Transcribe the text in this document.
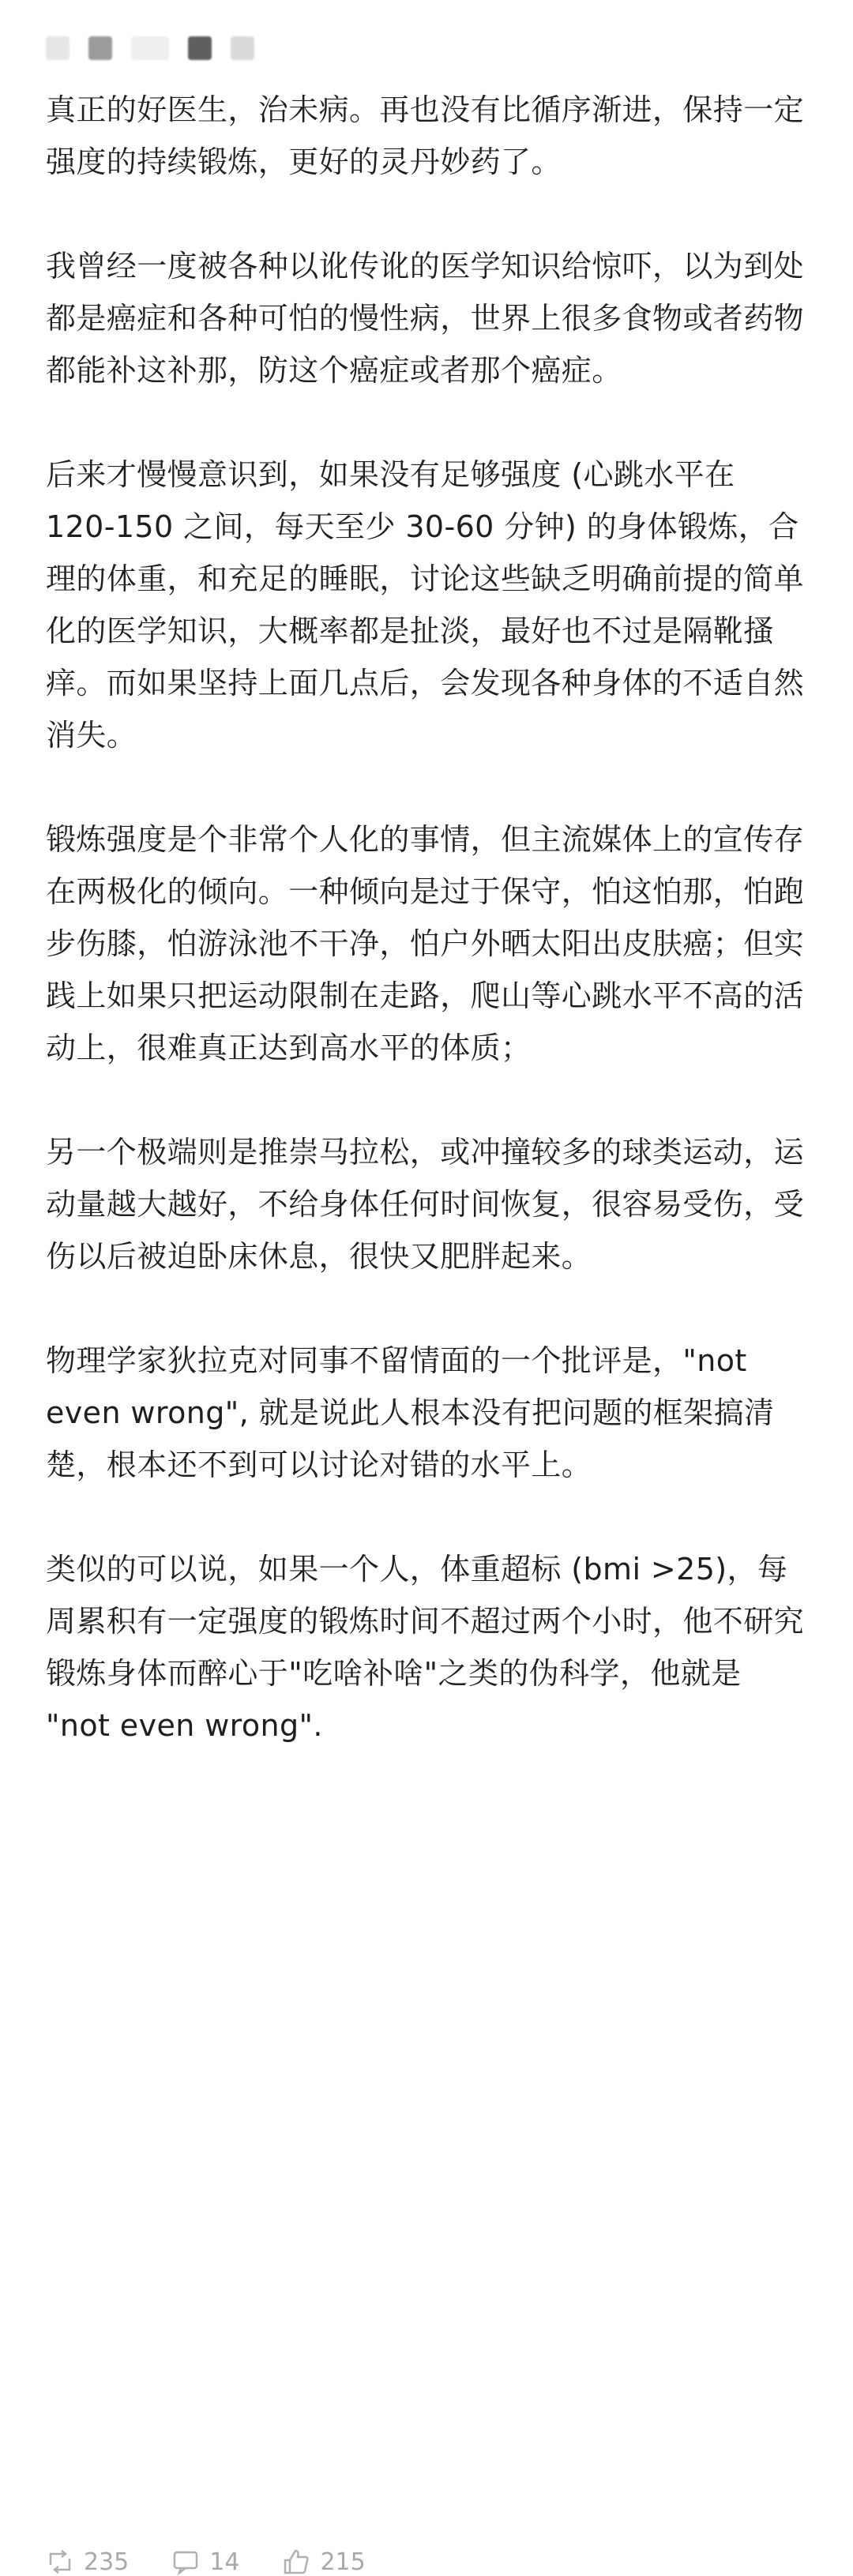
真正的好医生，治未病。再也没有比循序渐进，保持一定强度的持续锻炼，更好的灵丹妙药了。

我曾经一度被各种以讹传讹的医学知识给惊吓，以为到处都是癌症和各种可怕的慢性病，世界上很多食物或者药物都能补这补那，防这个癌症或者那个癌症。

后来才慢慢意识到，如果没有足够强度 (心跳水平在 120-150 之间，每天至少 30-60 分钟) 的身体锻炼，合理的体重，和充足的睡眠，讨论这些缺乏明确前提的简单化的医学知识，大概率都是扯淡，最好也不过是隔靴搔痒。而如果坚持上面几点后，会发现各种身体的不适自然消失。

锻炼强度是个非常个人化的事情，但主流媒体上的宣传存在两极化的倾向。一种倾向是过于保守，怕这怕那，怕跑步伤膝，怕游泳池不干净，怕户外晒太阳出皮肤癌；但实践上如果只把运动限制在走路，爬山等心跳水平不高的活动上，很难真正达到高水平的体质；

另一个极端则是推崇马拉松，或冲撞较多的球类运动，运动量越大越好，不给身体任何时间恢复，很容易受伤，受伤以后被迫卧床休息，很快又肥胖起来。

物理学家狄拉克对同事不留情面的一个批评是，"not even wrong", 就是说此人根本没有把问题的框架搞清楚，根本还不到可以讨论对错的水平上。

类似的可以说，如果一个人，体重超标 (bmi >25)，每周累积有一定强度的锻炼时间不超过两个小时，他不研究锻炼身体而醉心于"吃啥补啥"之类的伪科学，他就是 "not even wrong".

235	14	215
